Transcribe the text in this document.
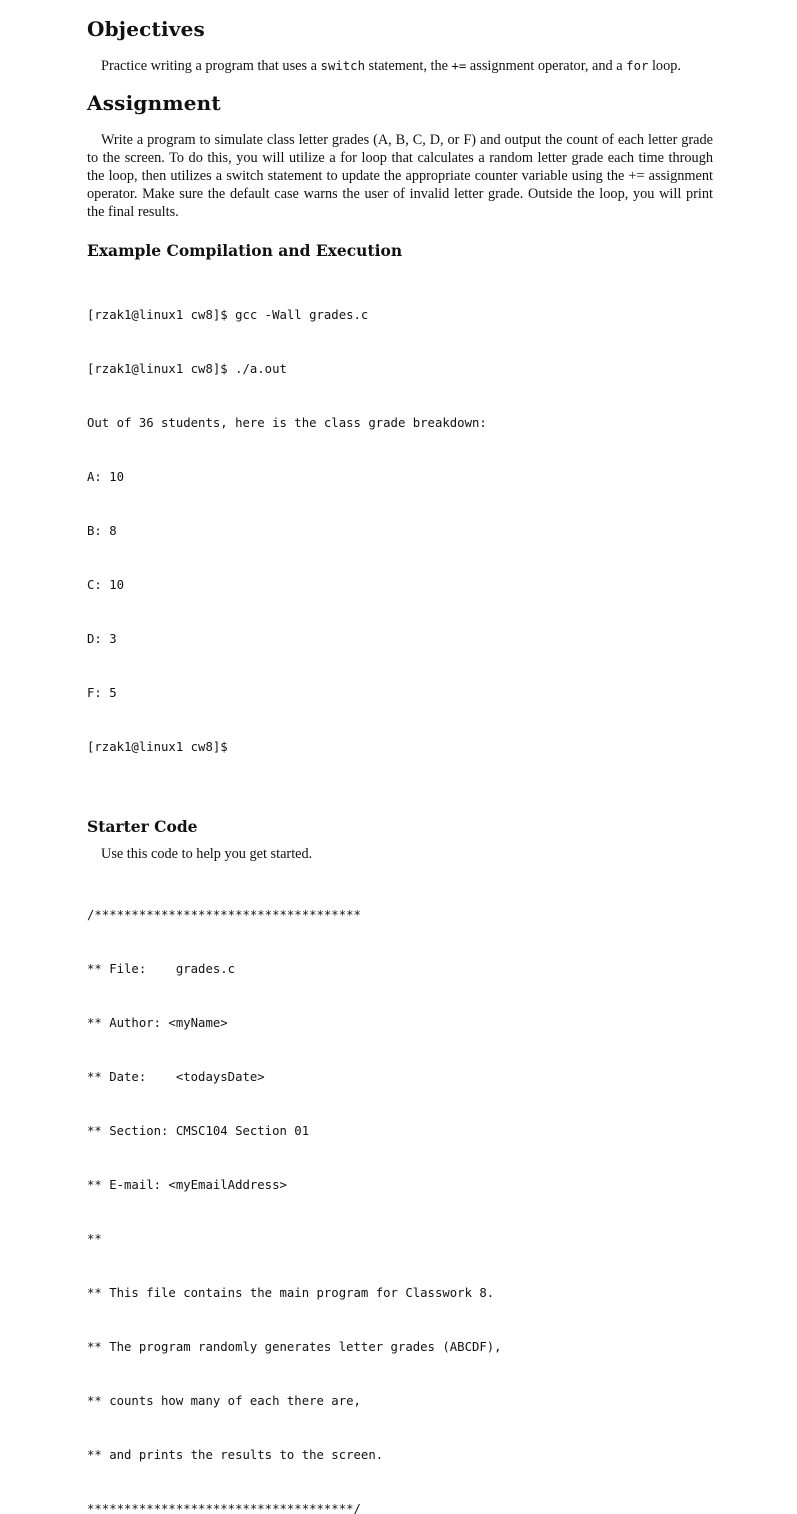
Objectives

Practice writing a program that uses a switch statement, the += assignment operator, and a for loop.

Assignment

Write a program to simulate class letter grades (A, B, C, D, or F) and output the count of each letter grade to the screen. To do this, you will utilize a for loop that calculates a random letter grade each time through the loop, then utilizes a switch statement to update the appropriate counter variable using the += assignment operator. Make sure the default case warns the user of invalid letter grade. Outside the loop, you will print the final results.

Example Compilation and Execution

[rzak1@linux1 cw8]$ gcc -Wall grades.c

[rzak1@linux1 cw8]$ ./a.out

Out of 36 students, here is the class grade breakdown:

A: 10

B: 8

C: 10

D: 3

F: 5

[rzak1@linux1 cw8]$

Starter Code

Use this code to help you get started.

/************************************

** File:    grades.c

** Author: <myName>

** Date:    <todaysDate>

** Section: CMSC104 Section 01

** E-mail: <myEmailAddress>

**

** This file contains the main program for Classwork 8.

** The program randomly generates letter grades (ABCDF),

** counts how many of each there are,

** and prints the results to the screen.

************************************/
